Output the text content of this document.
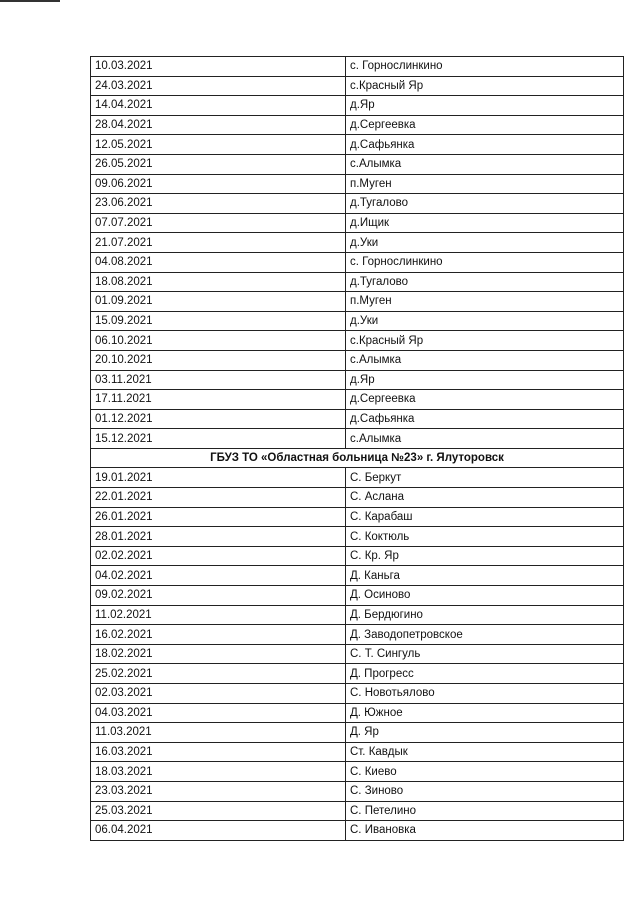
10.03.2021	с. Горнослинкино
24.03.2021	с.Красный Яр
14.04.2021	д.Яр
28.04.2021	д.Сергеевка
12.05.2021	д.Сафьянка
26.05.2021	с.Алымка
09.06.2021	п.Муген
23.06.2021	д.Тугалово
07.07.2021	д.Ищик
21.07.2021	д.Уки
04.08.2021	с. Горнослинкино
18.08.2021	д.Тугалово
01.09.2021	п.Муген
15.09.2021	д.Уки
06.10.2021	с.Красный Яр
20.10.2021	с.Алымка
03.11.2021	д.Яр
17.11.2021	д.Сергеевка
01.12.2021	д.Сафьянка
15.12.2021	с.Алымка
ГБУЗ ТО «Областная больница №23» г. Ялуторовск	
19.01.2021	С. Беркут
22.01.2021	С. Аслана
26.01.2021	С. Карабаш
28.01.2021	С. Коктюль
02.02.2021	С. Кр. Яр
04.02.2021	Д. Каньга
09.02.2021	Д. Осиново
11.02.2021	Д. Бердюгино
16.02.2021	Д. Заводопетровское
18.02.2021	С. Т. Сингуль
25.02.2021	Д. Прогресс
02.03.2021	С. Новотьялово
04.03.2021	Д. Южное
11.03.2021	Д. Яр
16.03.2021	Ст. Кавдык
18.03.2021	С. Киево
23.03.2021	С. Зиново
25.03.2021	С. Петелино
06.04.2021	С. Ивановка
